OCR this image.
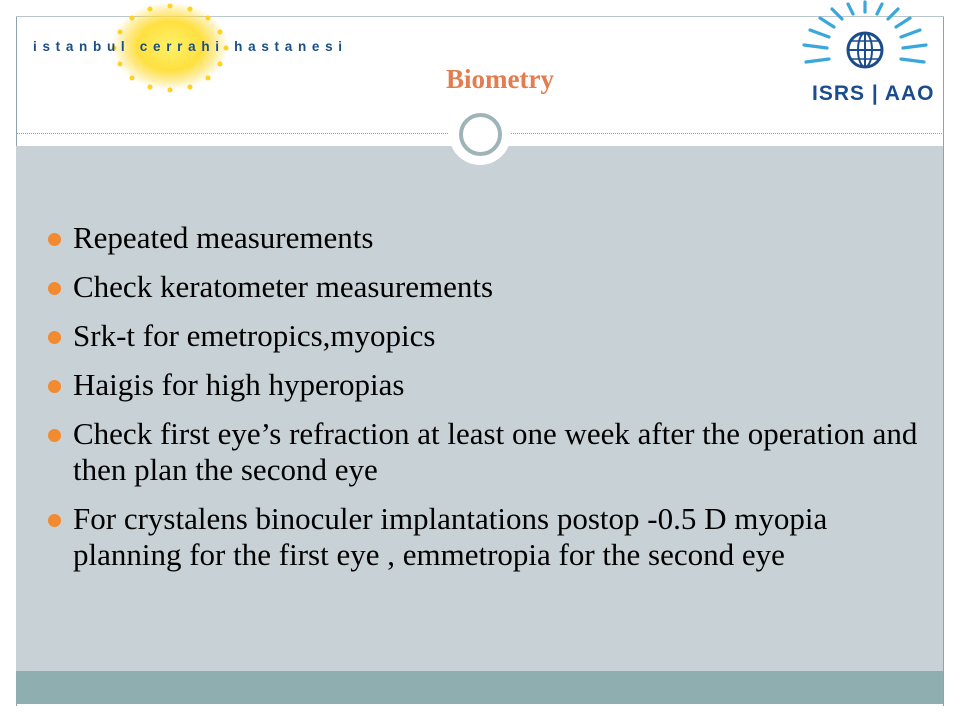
istanbul cerrahi hastanesi
Biometry	ISRS | AAO
Repeated measurements
Check keratometer measurements
Srk-t for emetropics,myopics
Haigis for high hyperopias
Check first eye’s refraction at least one week after the operation and then plan the second eye
For crystalens binoculer implantations postop -0.5 D myopia planning for the first eye , emmetropia for the second eye
